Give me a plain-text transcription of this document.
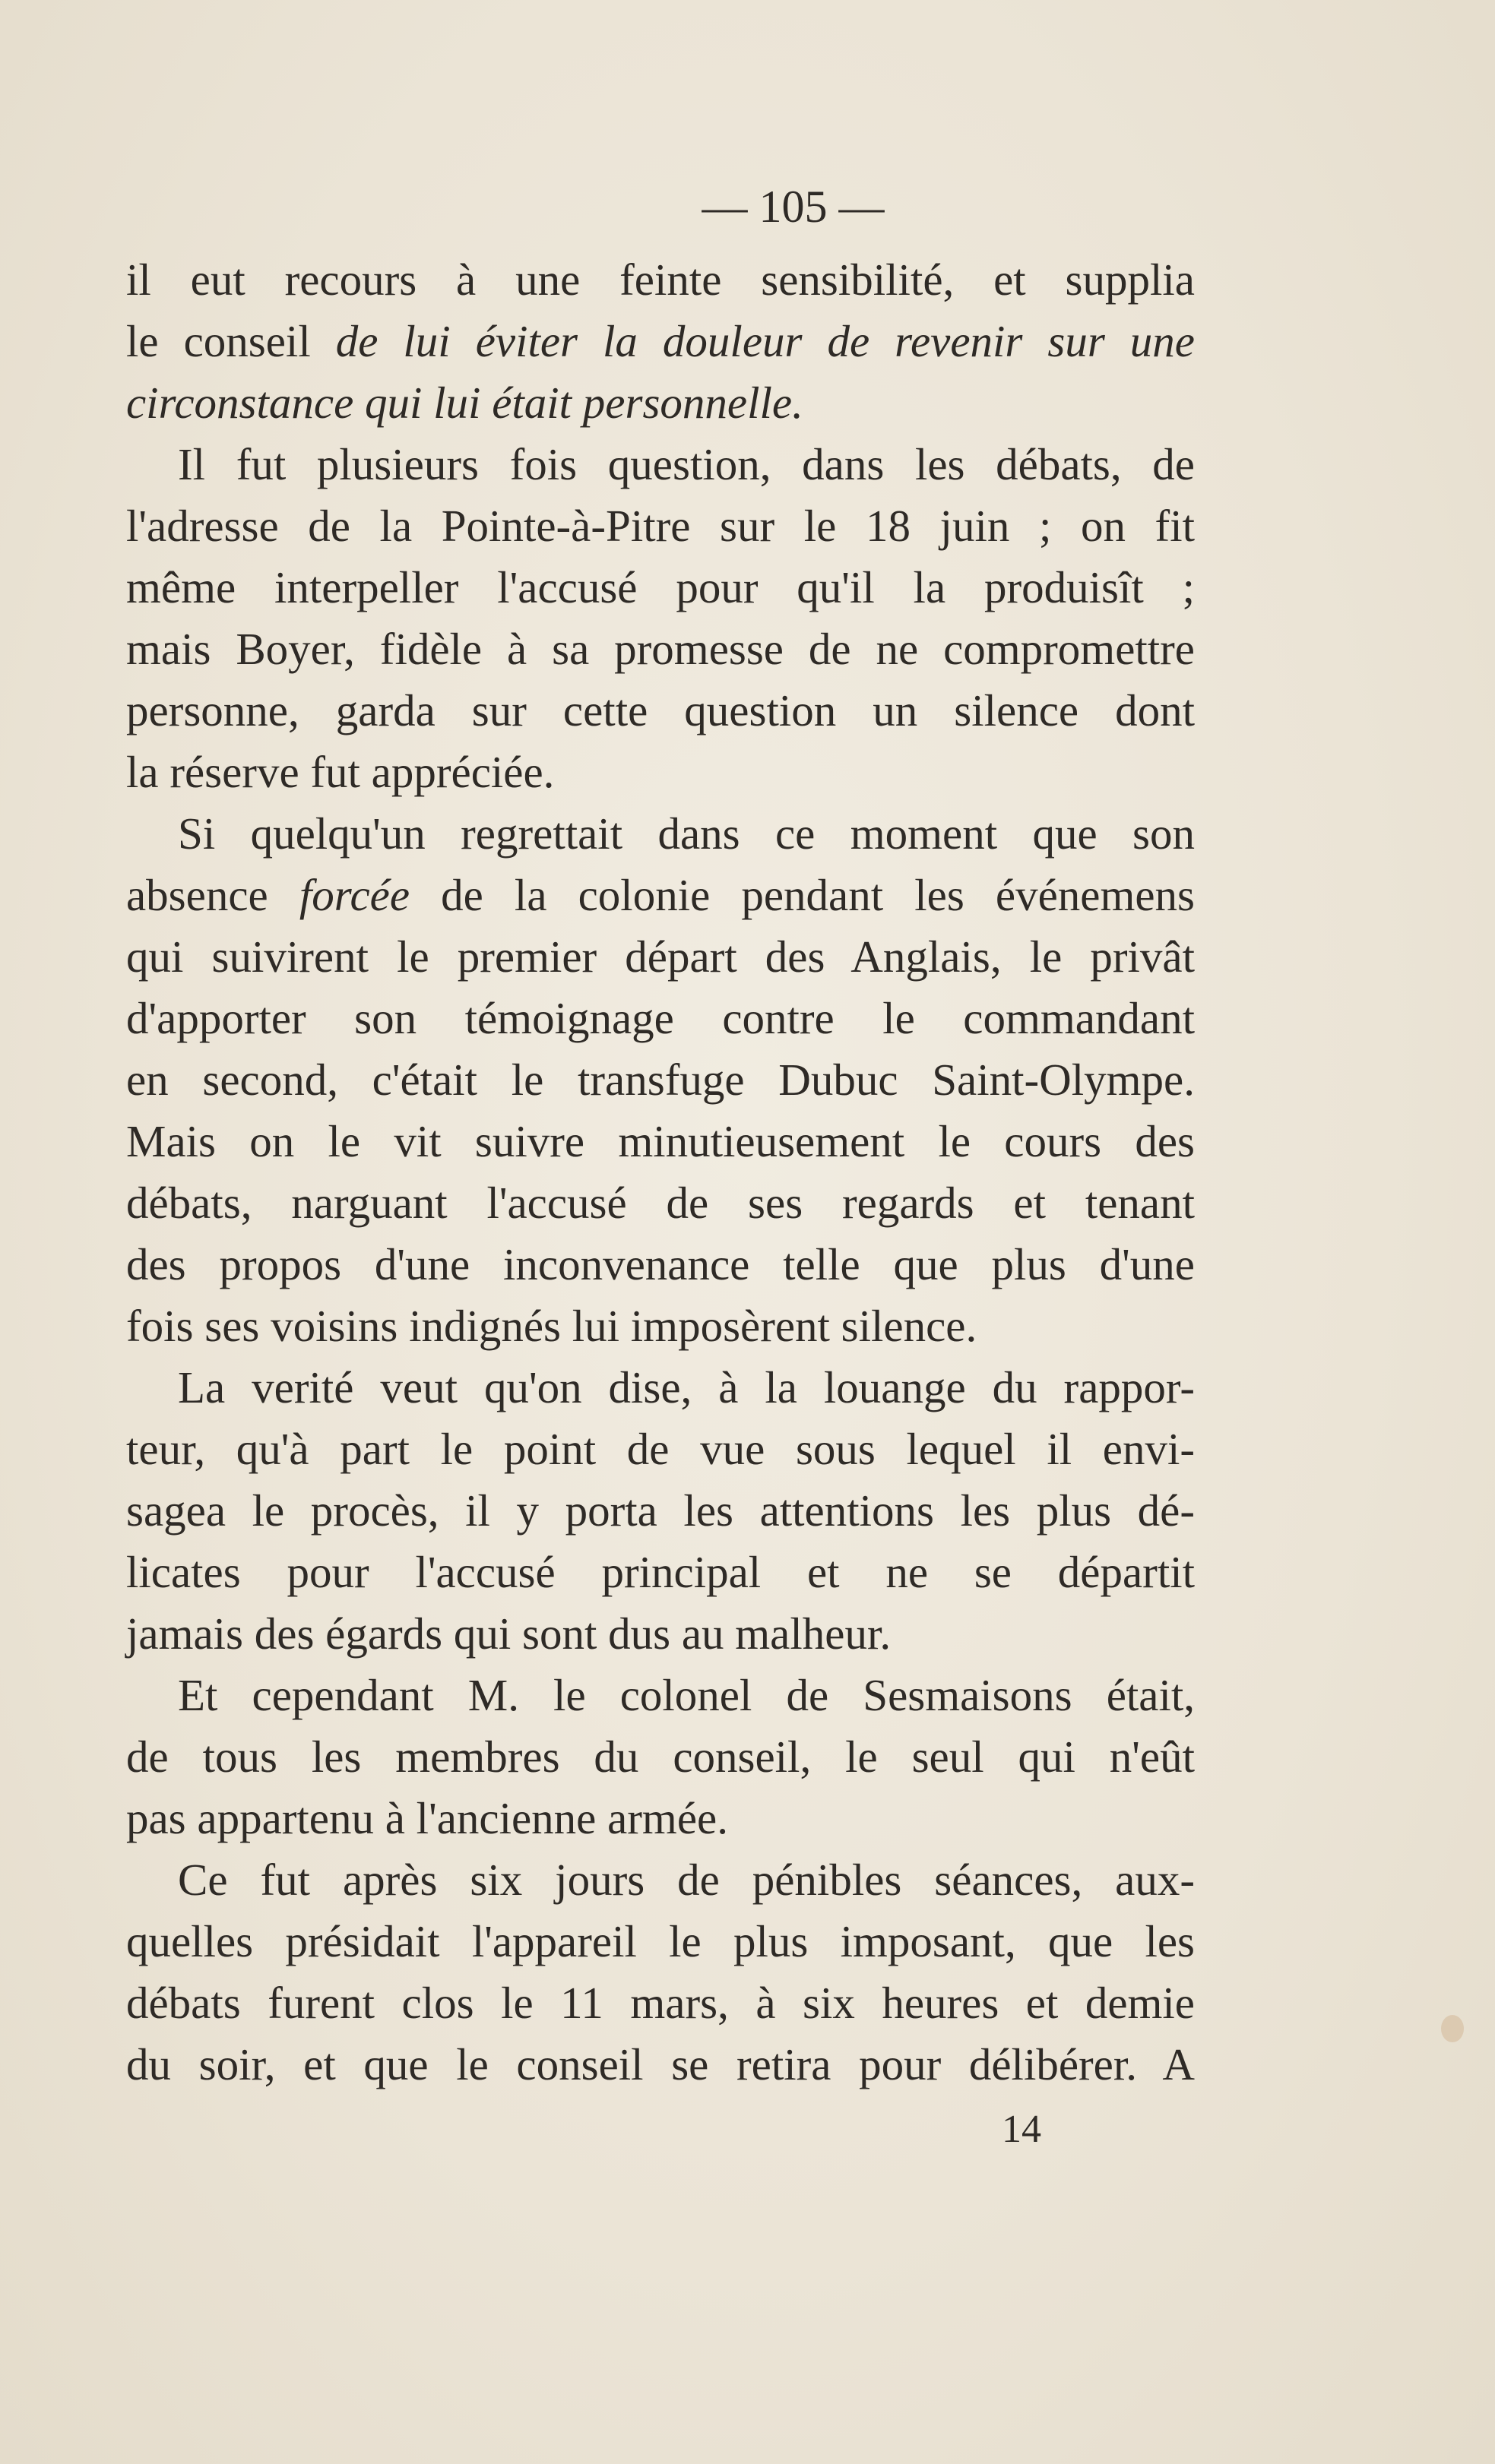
— 105 —
il eut recours à une feinte sensibilité, et supplia
le conseil de lui éviter la douleur de revenir sur une
circonstance qui lui était personnelle.
Il fut plusieurs fois question, dans les débats, de
l'adresse de la Pointe-à-Pitre sur le 18 juin ; on fit
même interpeller l'accusé pour qu'il la produisît ;
mais Boyer, fidèle à sa promesse de ne compromettre
personne, garda sur cette question un silence dont
la réserve fut appréciée.
Si quelqu'un regrettait dans ce moment que son
absence forcée de la colonie pendant les événemens
qui suivirent le premier départ des Anglais, le privât
d'apporter son témoignage contre le commandant
en second, c'était le transfuge Dubuc Saint-Olympe.
Mais on le vit suivre minutieusement le cours des
débats, narguant l'accusé de ses regards et tenant
des propos d'une inconvenance telle que plus d'une
fois ses voisins indignés lui imposèrent silence.
La verité veut qu'on dise, à la louange du rappor-
teur, qu'à part le point de vue sous lequel il envi-
sagea le procès, il y porta les attentions les plus dé-
licates pour l'accusé principal et ne se départit
jamais des égards qui sont dus au malheur.
Et cependant M. le colonel de Sesmaisons était,
de tous les membres du conseil, le seul qui n'eût
pas appartenu à l'ancienne armée.
Ce fut après six jours de pénibles séances, aux-
quelles présidait l'appareil le plus imposant, que les
débats furent clos le 11 mars, à six heures et demie
du soir, et que le conseil se retira pour délibérer. A
14
